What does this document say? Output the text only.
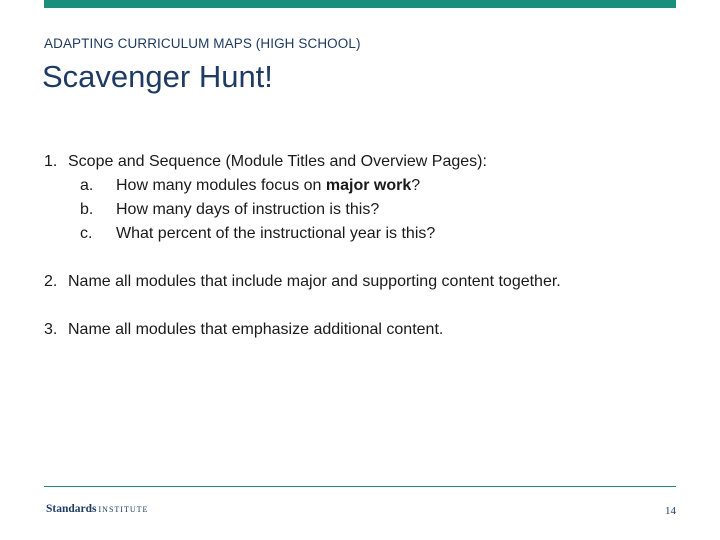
ADAPTING CURRICULUM MAPS (HIGH SCHOOL)
Scavenger Hunt!
1. Scope and Sequence (Module Titles and Overview Pages):
a. How many modules focus on major work?
b. How many days of instruction is this?
c. What percent of the instructional year is this?
2. Name all modules that include major and supporting content together.
3. Name all modules that emphasize additional content.
Standards INSTITUTE	14
